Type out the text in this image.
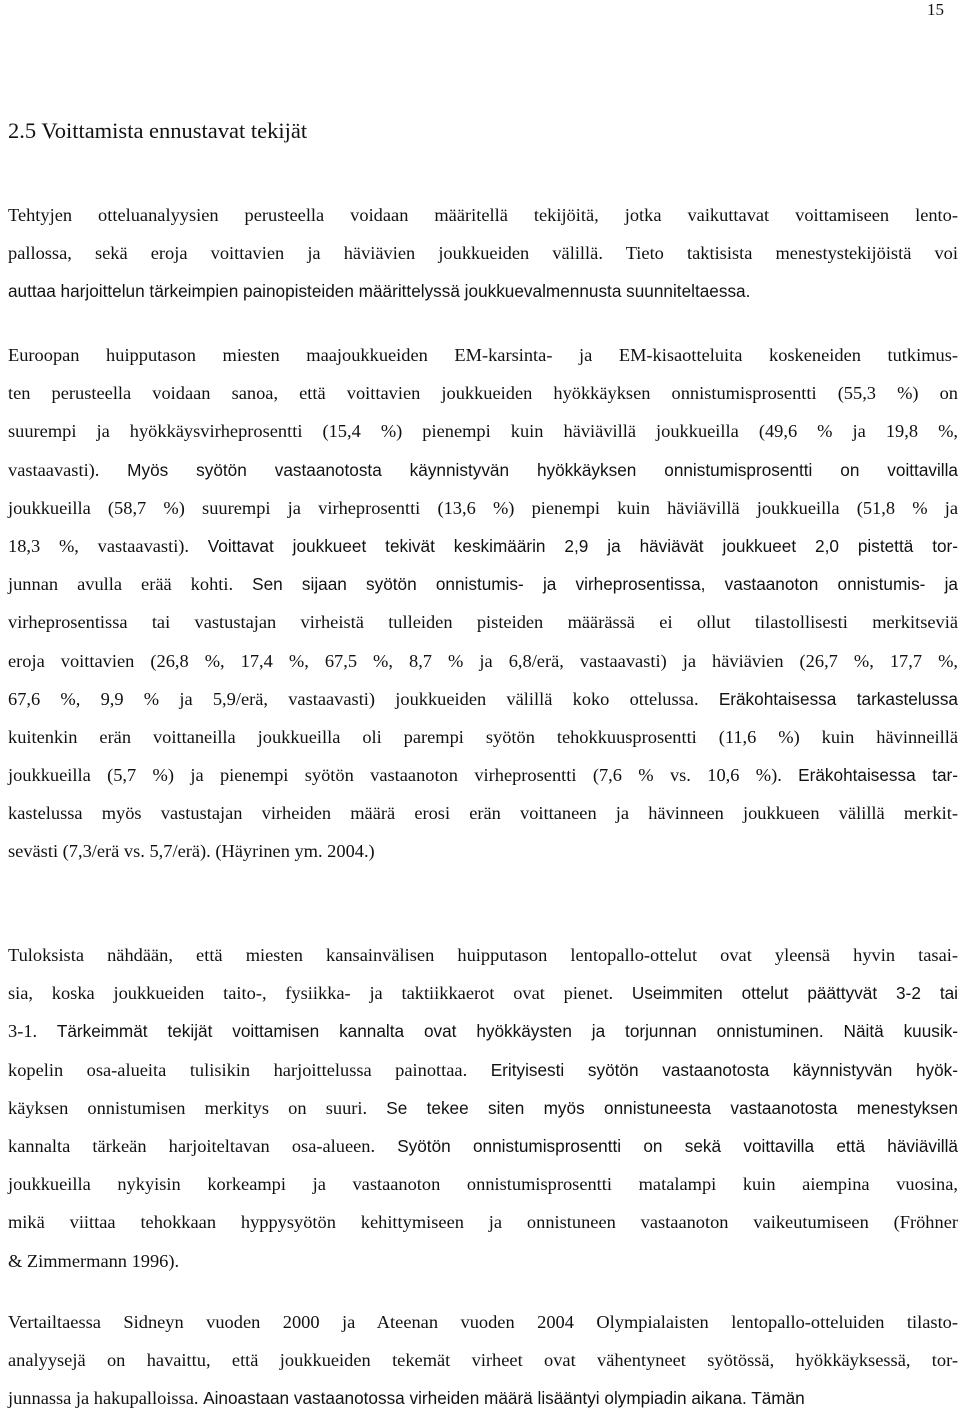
15
2.5 Voittamista ennustavat tekijät
Tehtyjen otteluanalyysien perusteella voidaan määritellä tekijöitä, jotka vaikuttavat voittamiseen lento-
pallossa, sekä eroja voittavien ja häviävien joukkueiden välillä. Tieto taktisista menestystekijöistä voi
auttaa harjoittelun tärkeimpien painopisteiden määrittelyssä joukkuevalmennusta suunniteltaessa.
Euroopan huipputason miesten maajoukkueiden EM-karsinta- ja EM-kisaotteluita koskeneiden tutkimus-
ten perusteella voidaan sanoa, että voittavien joukkueiden hyökkäyksen onnistumisprosentti (55,3 %) on
suurempi ja hyökkäysvirheprosentti (15,4 %) pienempi kuin häviävillä joukkueilla (49,6 % ja 19,8 %,
vastaavasti). Myös syötön vastaanotosta käynnistyvän hyökkäyksen onnistumisprosentti on voittavilla
joukkueilla (58,7 %) suurempi ja virheprosentti (13,6 %) pienempi kuin häviävillä joukkueilla (51,8 % ja
18,3 %, vastaavasti). Voittavat joukkueet tekivät keskimäärin 2,9 ja häviävät joukkueet 2,0 pistettä tor-
junnan avulla erää kohti. Sen sijaan syötön onnistumis- ja virheprosentissa, vastaanoton onnistumis- ja
virheprosentissa tai vastustajan virheistä tulleiden pisteiden määrässä ei ollut tilastollisesti merkitseviä
eroja voittavien (26,8 %, 17,4 %, 67,5 %, 8,7 % ja 6,8/erä, vastaavasti) ja häviävien (26,7 %, 17,7 %,
67,6 %, 9,9 % ja 5,9/erä, vastaavasti) joukkueiden välillä koko ottelussa. Eräkohtaisessa tarkastelussa
kuitenkin erän voittaneilla joukkueilla oli parempi syötön tehokkuusprosentti (11,6 %) kuin hävinneillä
joukkueilla (5,7 %) ja pienempi syötön vastaanoton virheprosentti (7,6 % vs. 10,6 %). Eräkohtaisessa tar-
kastelussa myös vastustajan virheiden määrä erosi erän voittaneen ja hävinneen joukkueen välillä merkit-
sevästi (7,3/erä vs. 5,7/erä). (Häyrinen ym. 2004.)
Tuloksista nähdään, että miesten kansainvälisen huipputason lentopallo-ottelut ovat yleensä hyvin tasai-
sia, koska joukkueiden taito-, fysiikka- ja taktiikkaerot ovat pienet. Useimmiten ottelut päättyvät 3-2 tai
3-1. Tärkeimmät tekijät voittamisen kannalta ovat hyökkäysten ja torjunnan onnistuminen. Näitä kuusik-
kopelin osa-alueita tulisikin harjoittelussa painottaa. Erityisesti syötön vastaanotosta käynnistyvän hyök-
käyksen onnistumisen merkitys on suuri. Se tekee siten myös onnistuneesta vastaanotosta menestyksen
kannalta tärkeän harjoiteltavan osa-alueen. Syötön onnistumisprosentti on sekä voittavilla että häviävillä
joukkueilla nykyisin korkeampi ja vastaanoton onnistumisprosentti matalampi kuin aiempina vuosina,
mikä viittaa tehokkaan hyppysyötön kehittymiseen ja onnistuneen vastaanoton vaikeutumiseen (Fröhner
& Zimmermann 1996).
Vertailtaessa Sidneyn vuoden 2000 ja Ateenan vuoden 2004 Olympialaisten lentopallo-otteluiden tilasto-
analyysejä on havaittu, että joukkueiden tekemät virheet ovat vähentyneet syötössä, hyökkäyksessä, tor-
junnassa ja hakupalloissa. Ainoastaan vastaanotossa virheiden määrä lisääntyi olympiadin aikana. Tämän
